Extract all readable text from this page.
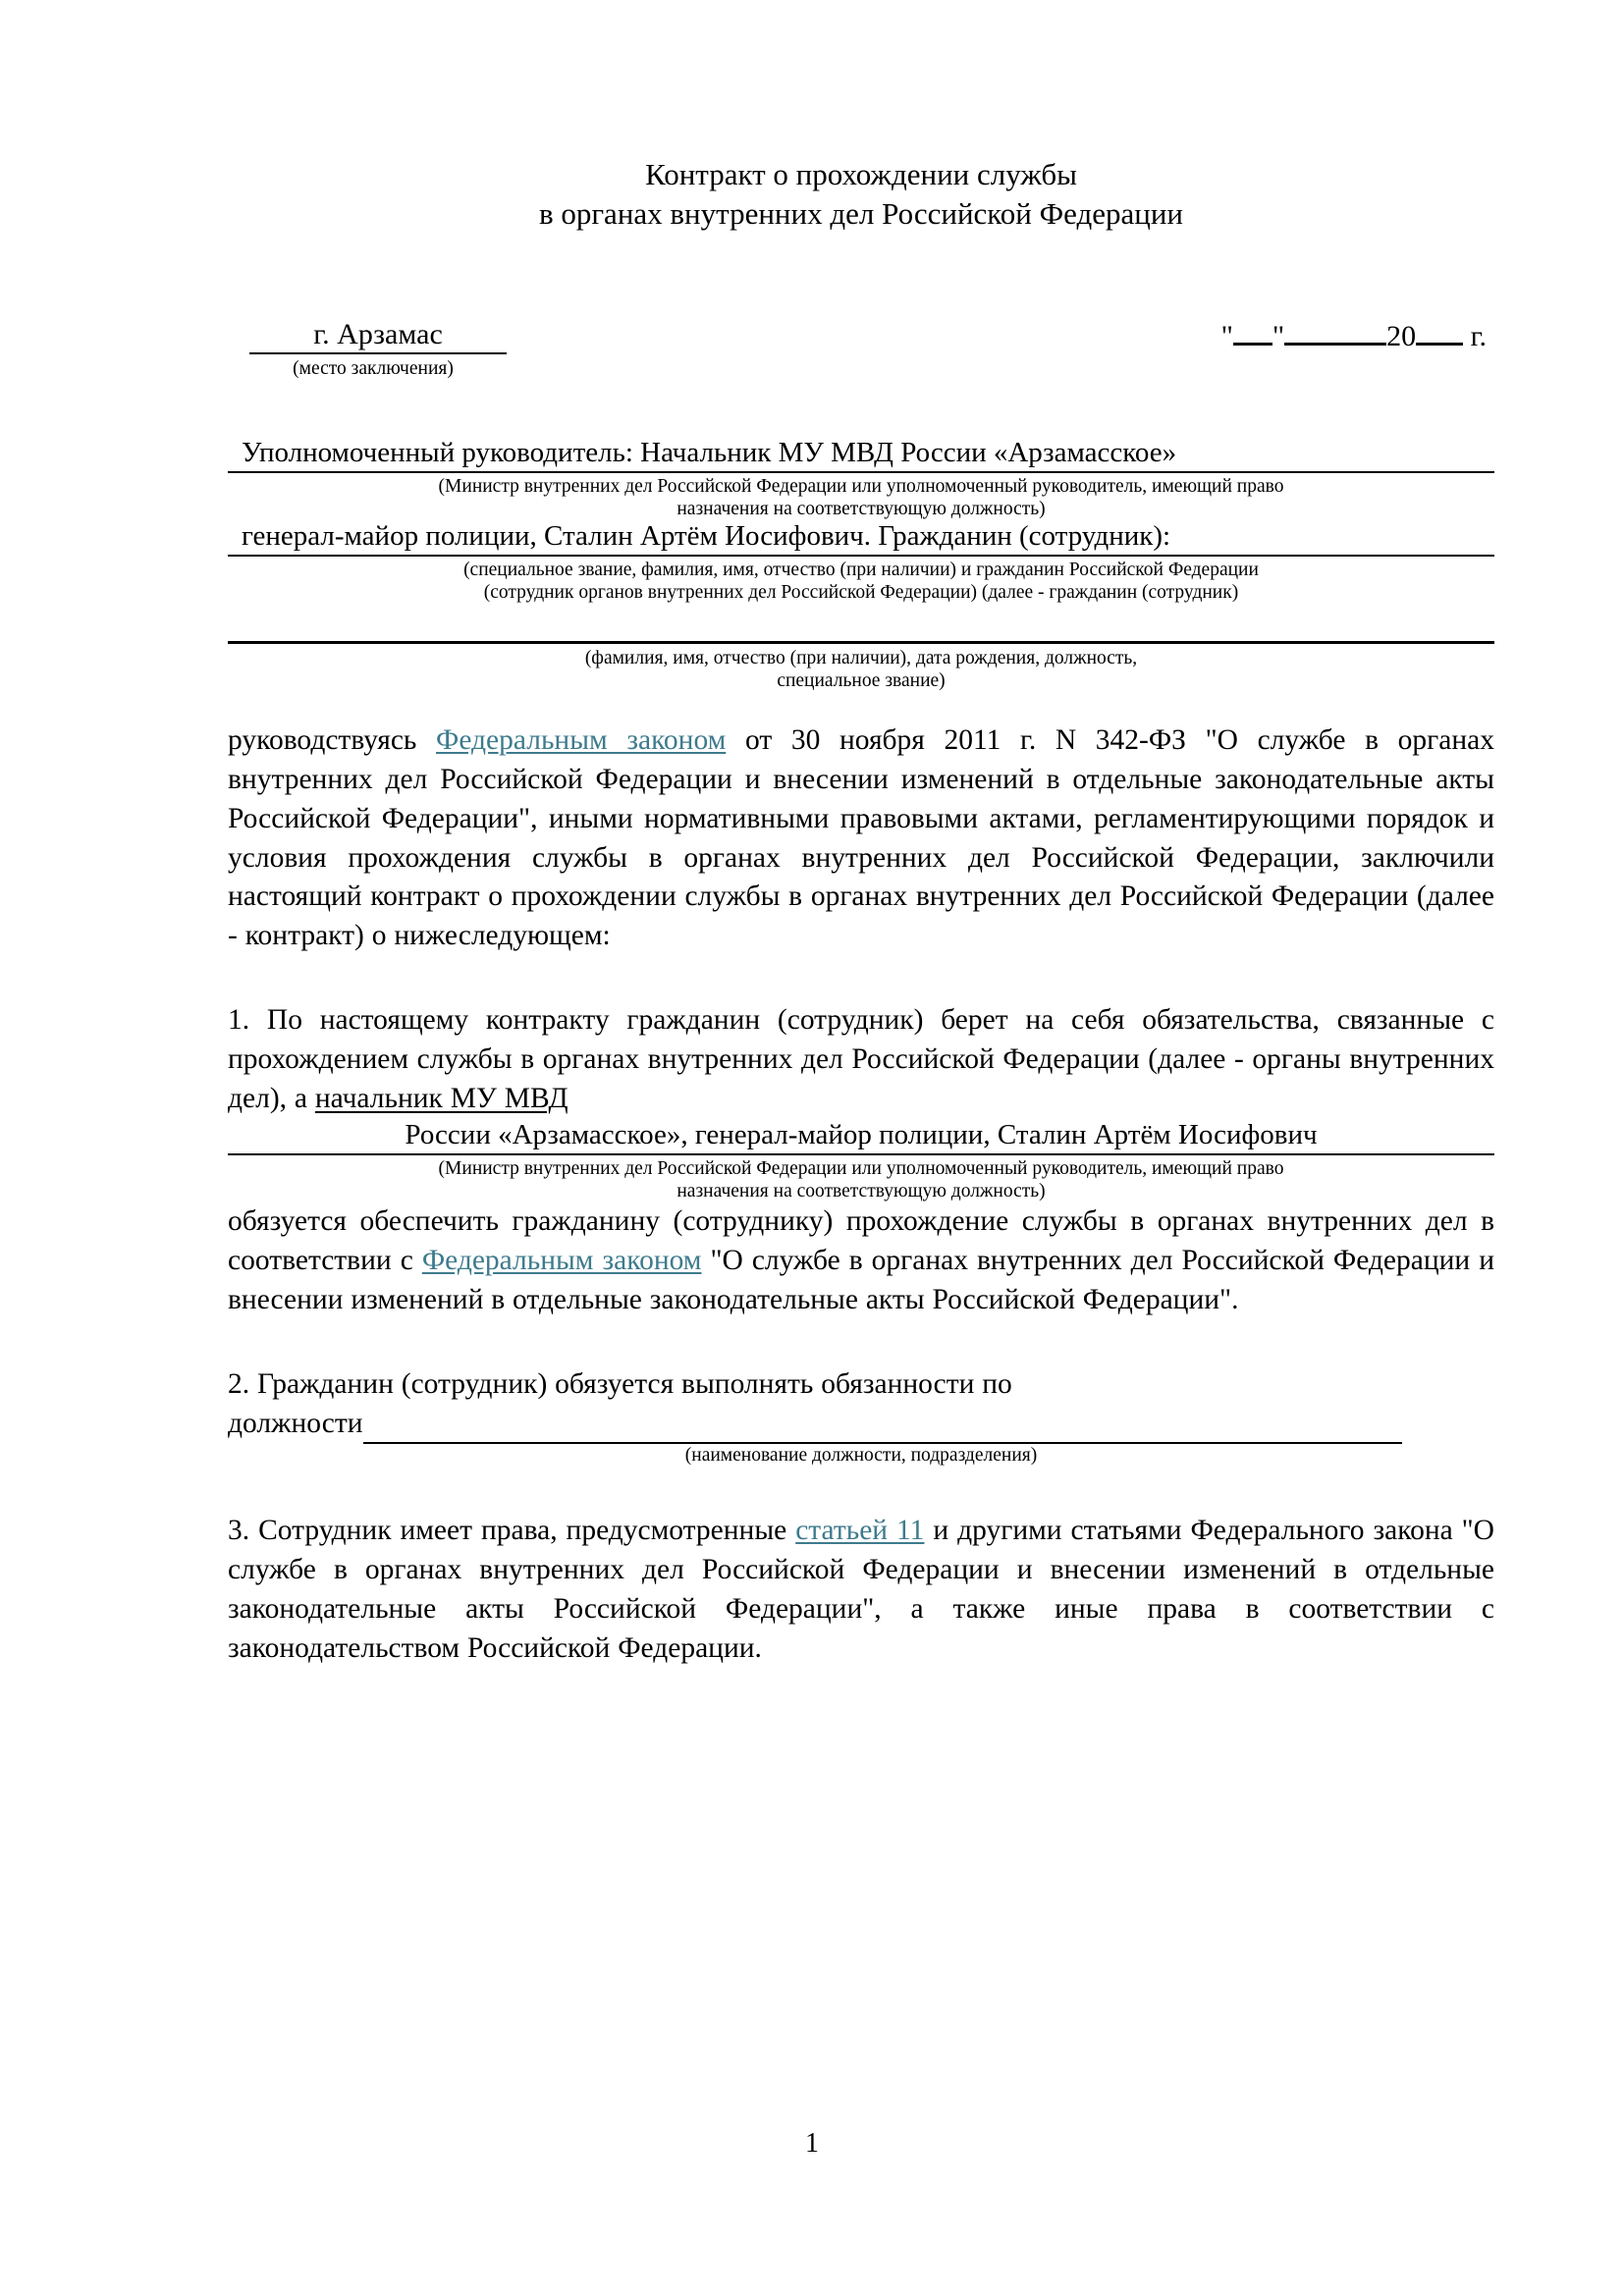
Контракт о прохождении службы
в органах внутренних дел Российской Федерации
г. Арзамас
(место заключения)
" "	20 г.
Уполномоченный руководитель: Начальник МУ МВД России «Арзамасское»
(Министр внутренних дел Российской Федерации или уполномоченный руководитель, имеющий право
назначения на соответствующую должность)
генерал-майор полиции, Сталин Артём Иосифович. Гражданин (сотрудник):
(специальное звание, фамилия, имя, отчество (при наличии) и гражданин Российской Федерации
(сотрудник органов внутренних дел Российской Федерации) (далее - гражданин (сотрудник)
(фамилия, имя, отчество (при наличии), дата рождения, должность,
специальное звание)

руководствуясь Федеральным законом от 30 ноября 2011 г. N 342-ФЗ "О службе в органах внутренних дел Российской Федерации и внесении изменений в отдельные законодательные акты Российской Федерации", иными нормативными правовыми актами, регламентирующими порядок и условия прохождения службы в органах внутренних дел Российской Федерации, заключили настоящий контракт о прохождении службы в органах внутренних дел Российской Федерации (далее - контракт) о нижеследующем:

1. По настоящему контракту гражданин (сотрудник) берет на себя обязательства, связанные с прохождением службы в органах внутренних дел Российской Федерации (далее - органы внутренних дел), а начальник МУ МВД

России «Арзамасское», генерал-майор полиции, Сталин Артём Иосифович
(Министр внутренних дел Российской Федерации или уполномоченный руководитель, имеющий право
назначения на соответствующую должность)

обязуется обеспечить гражданину (сотруднику) прохождение службы в органах внутренних дел в соответствии с Федеральным законом "О службе в органах внутренних дел Российской Федерации и внесении изменений в отдельные законодательные акты Российской Федерации".

2. Гражданин (сотрудник) обязуется выполнять обязанности по

должности

(наименование должности, подразделения)

3. Сотрудник имеет права, предусмотренные статьей 11 и другими статьями Федерального закона "О службе в органах внутренних дел Российской Федерации и внесении изменений в отдельные законодательные акты Российской Федерации", а также иные права в соответствии с законодательством Российской Федерации.

1
